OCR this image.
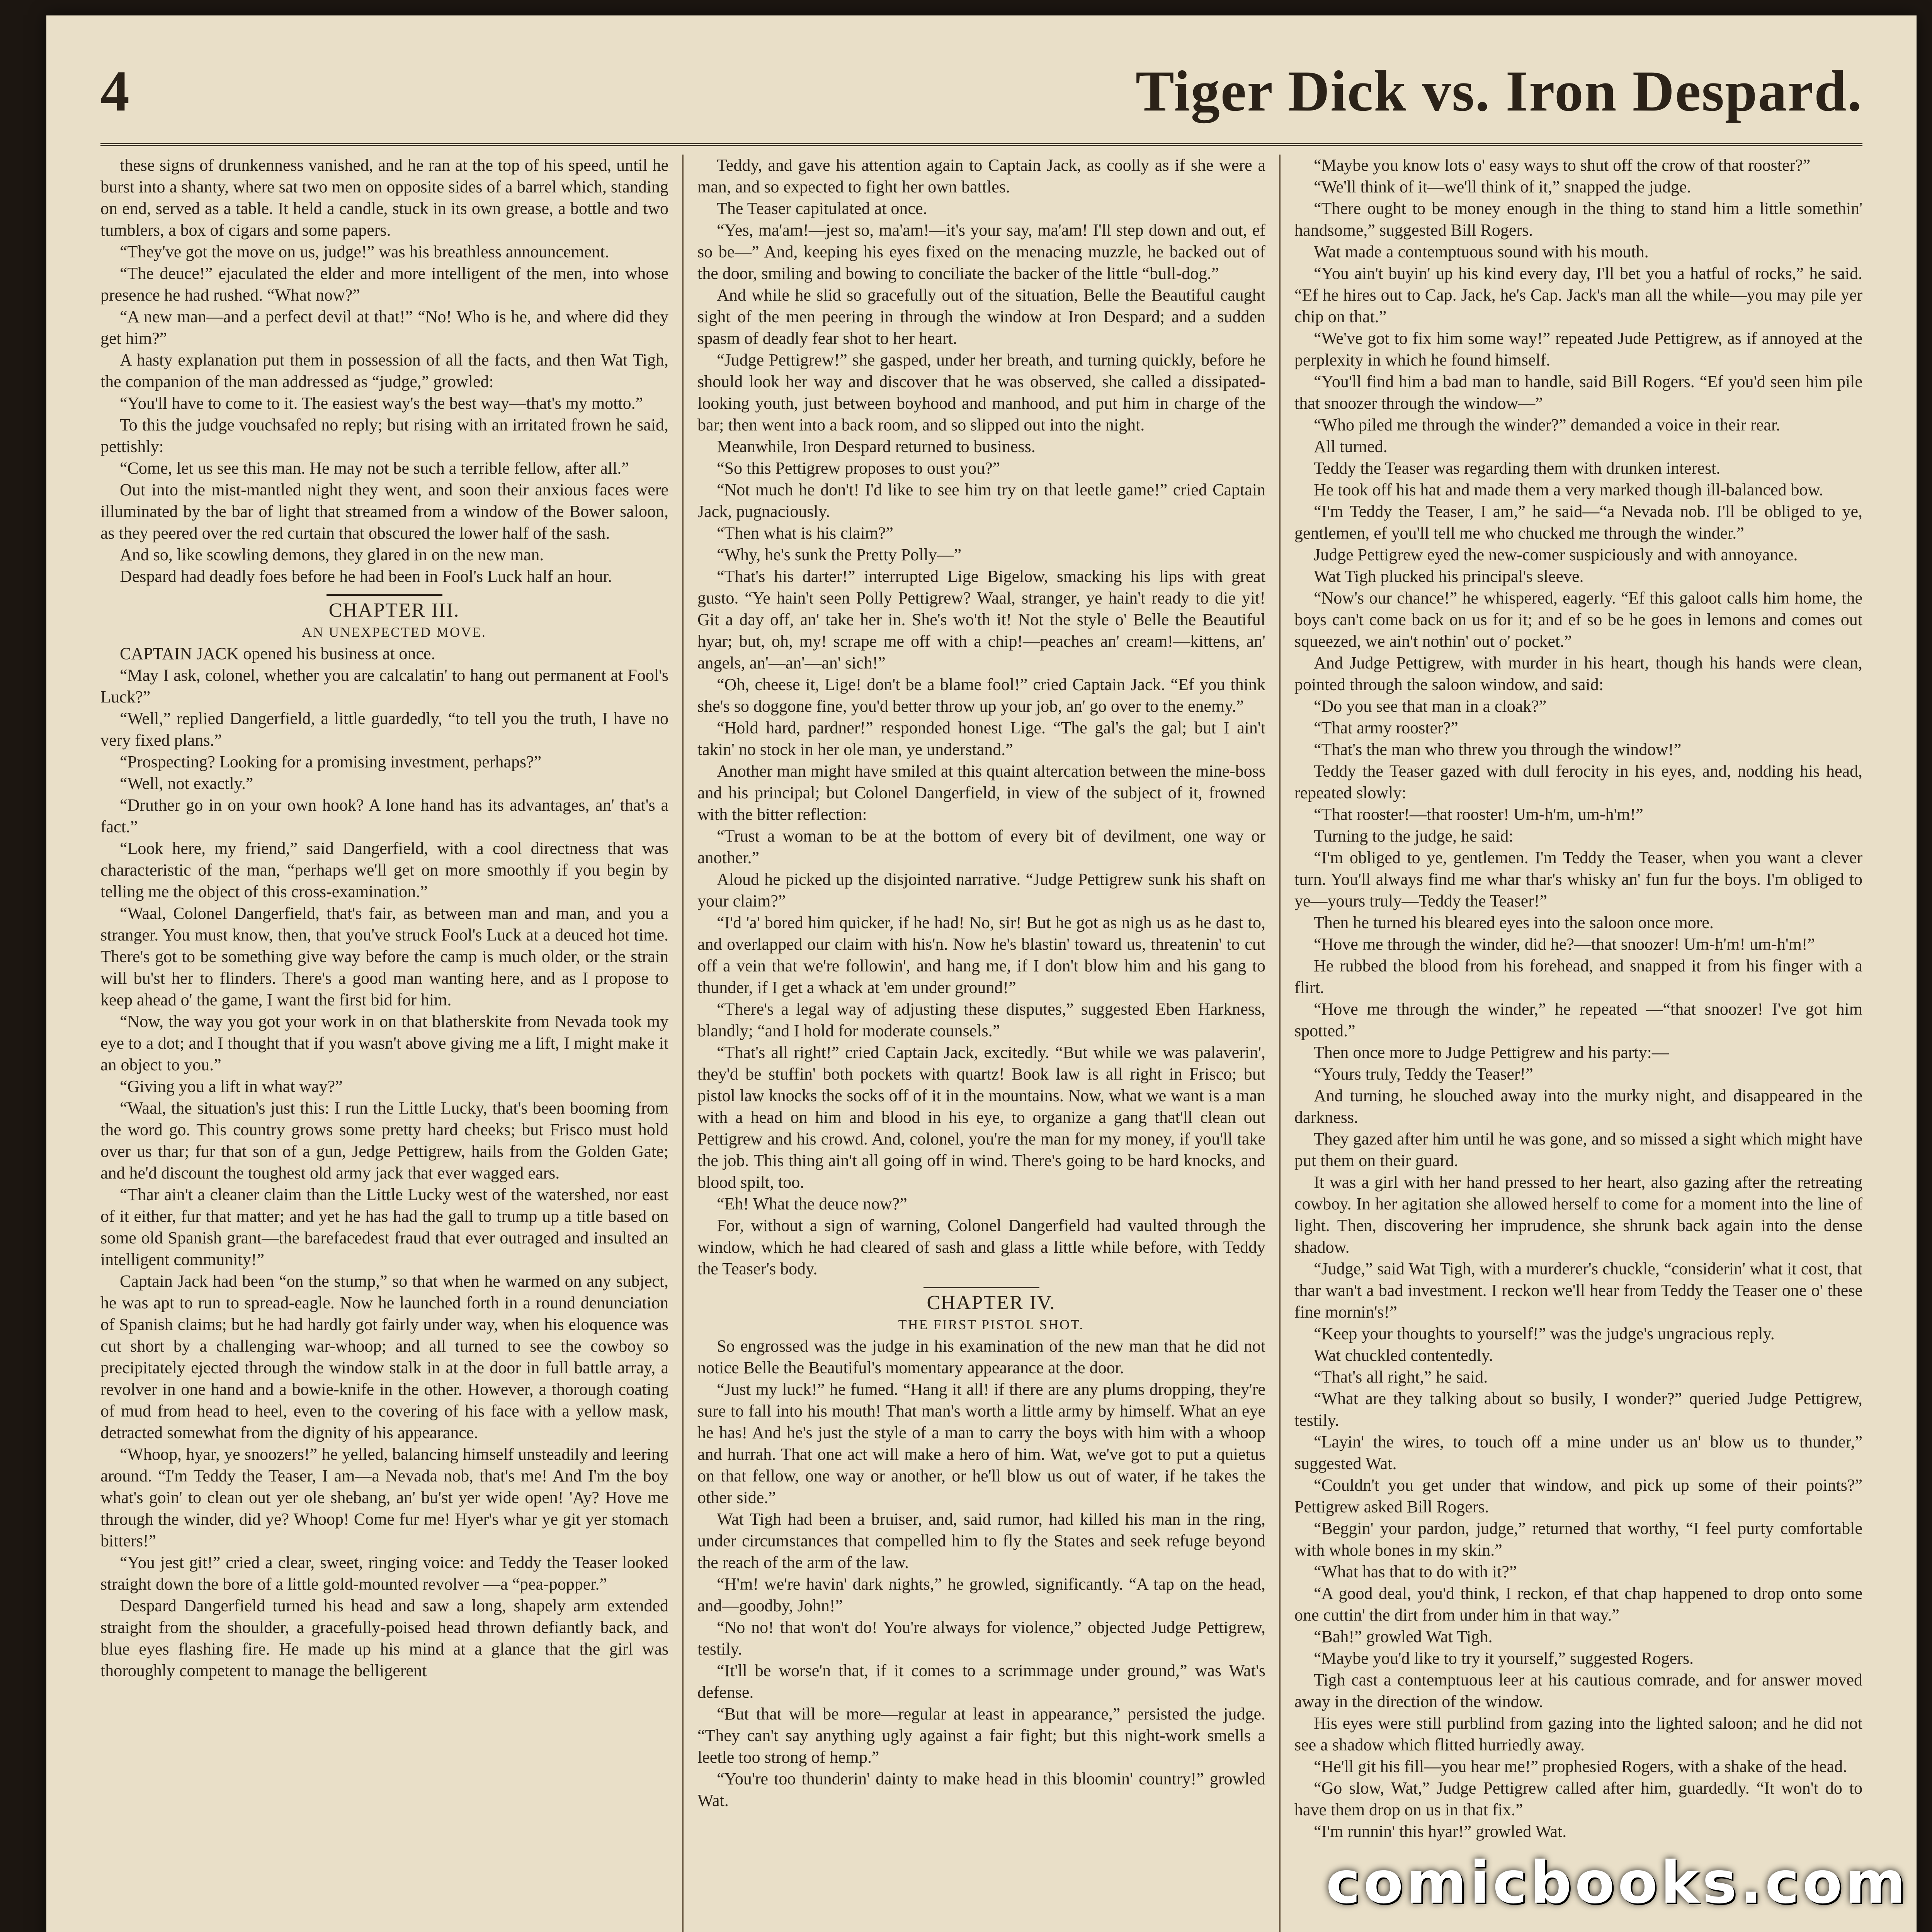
4	Tiger Dick vs. Iron Despard.

these signs of drunkenness vanished, and he ran at the top of his speed, until he burst into a shanty, where sat two men on opposite sides of a barrel which, standing on end, served as a table. It held a candle, stuck in its own grease, a bottle and two tumblers, a box of cigars and some papers.

“They've got the move on us, judge!” was his breathless announcement.

“The deuce!” ejaculated the elder and more intelligent of the men, into whose presence he had rushed. “What now?”

“A new man—and a perfect devil at that!” “No! Who is he, and where did they get him?”

A hasty explanation put them in possession of all the facts, and then Wat Tigh, the companion of the man addressed as “judge,” growled:

“You'll have to come to it. The easiest way's the best way—that's my motto.”

To this the judge vouchsafed no reply; but rising with an irritated frown he said, pettishly:

“Come, let us see this man. He may not be such a terrible fellow, after all.”

Out into the mist-mantled night they went, and soon their anxious faces were illuminated by the bar of light that streamed from a window of the Bower saloon, as they peered over the red curtain that obscured the lower half of the sash.

And so, like scowling demons, they glared in on the new man.

Despard had deadly foes before he had been in Fool's Luck half an hour.

CHAPTER III.

AN UNEXPECTED MOVE.

CAPTAIN JACK opened his business at once.

“May I ask, colonel, whether you are calcalatin' to hang out permanent at Fool's Luck?”

“Well,” replied Dangerfield, a little guardedly, “to tell you the truth, I have no very fixed plans.”

“Prospecting? Looking for a promising investment, perhaps?”

“Well, not exactly.”

“Druther go in on your own hook? A lone hand has its advantages, an' that's a fact.”

“Look here, my friend,” said Dangerfield, with a cool directness that was characteristic of the man, “perhaps we'll get on more smoothly if you begin by telling me the object of this cross-examination.”

“Waal, Colonel Dangerfield, that's fair, as between man and man, and you a stranger. You must know, then, that you've struck Fool's Luck at a deuced hot time. There's got to be something give way before the camp is much older, or the strain will bu'st her to flinders. There's a good man wanting here, and as I propose to keep ahead o' the game, I want the first bid for him.

“Now, the way you got your work in on that blatherskite from Nevada took my eye to a dot; and I thought that if you wasn't above giving me a lift, I might make it an object to you.”

“Giving you a lift in what way?”

“Waal, the situation's just this: I run the Little Lucky, that's been booming from the word go. This country grows some pretty hard cheeks; but Frisco must hold over us thar; fur that son of a gun, Jedge Pettigrew, hails from the Golden Gate; and he'd discount the toughest old army jack that ever wagged ears.

“Thar ain't a cleaner claim than the Little Lucky west of the watershed, nor east of it either, fur that matter; and yet he has had the gall to trump up a title based on some old Spanish grant—the barefacedest fraud that ever outraged and insulted an intelligent community!”

Captain Jack had been “on the stump,” so that when he warmed on any subject, he was apt to run to spread-eagle. Now he launched forth in a round denunciation of Spanish claims; but he had hardly got fairly under way, when his eloquence was cut short by a challenging war-whoop; and all turned to see the cowboy so precipitately ejected through the window stalk in at the door in full battle array, a revolver in one hand and a bowie-knife in the other. However, a thorough coating of mud from head to heel, even to the covering of his face with a yellow mask, detracted somewhat from the dignity of his appearance.

“Whoop, hyar, ye snoozers!” he yelled, balancing himself unsteadily and leering around. “I'm Teddy the Teaser, I am—a Nevada nob, that's me! And I'm the boy what's goin' to clean out yer ole shebang, an' bu'st yer wide open! 'Ay? Hove me through the winder, did ye? Whoop! Come fur me! Hyer's whar ye git yer stomach bitters!”

“You jest git!” cried a clear, sweet, ringing voice: and Teddy the Teaser looked straight down the bore of a little gold-mounted revolver —a “pea-popper.”

Despard Dangerfield turned his head and saw a long, shapely arm extended straight from the shoulder, a gracefully-poised head thrown defiantly back, and blue eyes flashing fire. He made up his mind at a glance that the girl was thoroughly competent to manage the belligerent

Teddy, and gave his attention again to Captain Jack, as coolly as if she were a man, and so expected to fight her own battles.

The Teaser capitulated at once.

“Yes, ma'am!—jest so, ma'am!—it's your say, ma'am! I'll step down and out, ef so be—” And, keeping his eyes fixed on the menacing muzzle, he backed out of the door, smiling and bowing to conciliate the backer of the little “bull-dog.”

And while he slid so gracefully out of the situation, Belle the Beautiful caught sight of the men peering in through the window at Iron Despard; and a sudden spasm of deadly fear shot to her heart.

“Judge Pettigrew!” she gasped, under her breath, and turning quickly, before he should look her way and discover that he was observed, she called a dissipated-looking youth, just between boyhood and manhood, and put him in charge of the bar; then went into a back room, and so slipped out into the night.

Meanwhile, Iron Despard returned to business.

“So this Pettigrew proposes to oust you?”

“Not much he don't! I'd like to see him try on that leetle game!” cried Captain Jack, pugnaciously.

“Then what is his claim?”

“Why, he's sunk the Pretty Polly—”

“That's his darter!” interrupted Lige Bigelow, smacking his lips with great gusto. “Ye hain't seen Polly Pettigrew? Waal, stranger, ye hain't ready to die yit! Git a day off, an' take her in. She's wo'th it! Not the style o' Belle the Beautiful hyar; but, oh, my! scrape me off with a chip!—peaches an' cream!—kittens, an' angels, an'—an'—an' sich!”

“Oh, cheese it, Lige! don't be a blame fool!” cried Captain Jack. “Ef you think she's so doggone fine, you'd better throw up your job, an' go over to the enemy.”

“Hold hard, pardner!” responded honest Lige. “The gal's the gal; but I ain't takin' no stock in her ole man, ye understand.”

Another man might have smiled at this quaint altercation between the mine-boss and his principal; but Colonel Dangerfield, in view of the subject of it, frowned with the bitter reflection:

“Trust a woman to be at the bottom of every bit of devilment, one way or another.”

Aloud he picked up the disjointed narrative. “Judge Pettigrew sunk his shaft on your claim?”

“I'd 'a' bored him quicker, if he had! No, sir! But he got as nigh us as he dast to, and overlapped our claim with his'n. Now he's blastin' toward us, threatenin' to cut off a vein that we're followin', and hang me, if I don't blow him and his gang to thunder, if I get a whack at 'em under ground!”

“There's a legal way of adjusting these disputes,” suggested Eben Harkness, blandly; “and I hold for moderate counsels.”

“That's all right!” cried Captain Jack, excitedly. “But while we was palaverin', they'd be stuffin' both pockets with quartz! Book law is all right in Frisco; but pistol law knocks the socks off of it in the mountains. Now, what we want is a man with a head on him and blood in his eye, to organize a gang that'll clean out Pettigrew and his crowd. And, colonel, you're the man for my money, if you'll take the job. This thing ain't all going off in wind. There's going to be hard knocks, and blood spilt, too.

“Eh! What the deuce now?”

For, without a sign of warning, Colonel Dangerfield had vaulted through the window, which he had cleared of sash and glass a little while before, with Teddy the Teaser's body.

CHAPTER IV.

THE FIRST PISTOL SHOT.

So engrossed was the judge in his examination of the new man that he did not notice Belle the Beautiful's momentary appearance at the door.

“Just my luck!” he fumed. “Hang it all! if there are any plums dropping, they're sure to fall into his mouth! That man's worth a little army by himself. What an eye he has! And he's just the style of a man to carry the boys with him with a whoop and hurrah. That one act will make a hero of him. Wat, we've got to put a quietus on that fellow, one way or another, or he'll blow us out of water, if he takes the other side.”

Wat Tigh had been a bruiser, and, said rumor, had killed his man in the ring, under circumstances that compelled him to fly the States and seek refuge beyond the reach of the arm of the law.

“H'm! we're havin' dark nights,” he growled, significantly. “A tap on the head, and—goodby, John!”

“No no! that won't do! You're always for violence,” objected Judge Pettigrew, testily.

“It'll be worse'n that, if it comes to a scrimmage under ground,” was Wat's defense.

“But that will be more—regular at least in appearance,” persisted the judge. “They can't say anything ugly against a fair fight; but this night-work smells a leetle too strong of hemp.”

“You're too thunderin' dainty to make head in this bloomin' country!” growled Wat.

“Maybe you know lots o' easy ways to shut off the crow of that rooster?”

“We'll think of it—we'll think of it,” snapped the judge.

“There ought to be money enough in the thing to stand him a little somethin' handsome,” suggested Bill Rogers.

Wat made a contemptuous sound with his mouth.

“You ain't buyin' up his kind every day, I'll bet you a hatful of rocks,” he said. “Ef he hires out to Cap. Jack, he's Cap. Jack's man all the while—you may pile yer chip on that.”

“We've got to fix him some way!” repeated Jude Pettigrew, as if annoyed at the perplexity in which he found himself.

“You'll find him a bad man to handle, said Bill Rogers. “Ef you'd seen him pile that snoozer through the window—”

“Who piled me through the winder?” demanded a voice in their rear.

All turned.

Teddy the Teaser was regarding them with drunken interest.

He took off his hat and made them a very marked though ill-balanced bow.

“I'm Teddy the Teaser, I am,” he said—“a Nevada nob. I'll be obliged to ye, gentlemen, ef you'll tell me who chucked me through the winder.”

Judge Pettigrew eyed the new-comer suspiciously and with annoyance.

Wat Tigh plucked his principal's sleeve.

“Now's our chance!” he whispered, eagerly. “Ef this galoot calls him home, the boys can't come back on us for it; and ef so be he goes in lemons and comes out squeezed, we ain't nothin' out o' pocket.”

And Judge Pettigrew, with murder in his heart, though his hands were clean, pointed through the saloon window, and said:

“Do you see that man in a cloak?”

“That army rooster?”

“That's the man who threw you through the window!”

Teddy the Teaser gazed with dull ferocity in his eyes, and, nodding his head, repeated slowly:

“That rooster!—that rooster! Um-h'm, um-h'm!”

Turning to the judge, he said:

“I'm obliged to ye, gentlemen. I'm Teddy the Teaser, when you want a clever turn. You'll always find me whar thar's whisky an' fun fur the boys. I'm obliged to ye—yours truly—Teddy the Teaser!”

Then he turned his bleared eyes into the saloon once more.

“Hove me through the winder, did he?—that snoozer! Um-h'm! um-h'm!”

He rubbed the blood from his forehead, and snapped it from his finger with a flirt.

“Hove me through the winder,” he repeated —“that snoozer! I've got him spotted.”

Then once more to Judge Pettigrew and his party:—

“Yours truly, Teddy the Teaser!”

And turning, he slouched away into the murky night, and disappeared in the darkness.

They gazed after him until he was gone, and so missed a sight which might have put them on their guard.

It was a girl with her hand pressed to her heart, also gazing after the retreating cowboy. In her agitation she allowed herself to come for a moment into the line of light. Then, discovering her imprudence, she shrunk back again into the dense shadow.

“Judge,” said Wat Tigh, with a murderer's chuckle, “considerin' what it cost, that thar wan't a bad investment. I reckon we'll hear from Teddy the Teaser one o' these fine mornin's!”

“Keep your thoughts to yourself!” was the judge's ungracious reply.

Wat chuckled contentedly.

“That's all right,” he said.

“What are they talking about so busily, I wonder?” queried Judge Pettigrew, testily.

“Layin' the wires, to touch off a mine under us an' blow us to thunder,” suggested Wat.

“Couldn't you get under that window, and pick up some of their points?” Pettigrew asked Bill Rogers.

“Beggin' your pardon, judge,” returned that worthy, “I feel purty comfortable with whole bones in my skin.”

“What has that to do with it?”

“A good deal, you'd think, I reckon, ef that chap happened to drop onto some one cuttin' the dirt from under him in that way.”

“Bah!” growled Wat Tigh.

“Maybe you'd like to try it yourself,” suggested Rogers.

Tigh cast a contemptuous leer at his cautious comrade, and for answer moved away in the direction of the window.

His eyes were still purblind from gazing into the lighted saloon; and he did not see a shadow which flitted hurriedly away.

“He'll git his fill—you hear me!” prophesied Rogers, with a shake of the head.

“Go slow, Wat,” Judge Pettigrew called after him, guardedly. “It won't do to have them drop on us in that fix.”

“I'm runnin' this hyar!” growled Wat.

comicbooks.com
